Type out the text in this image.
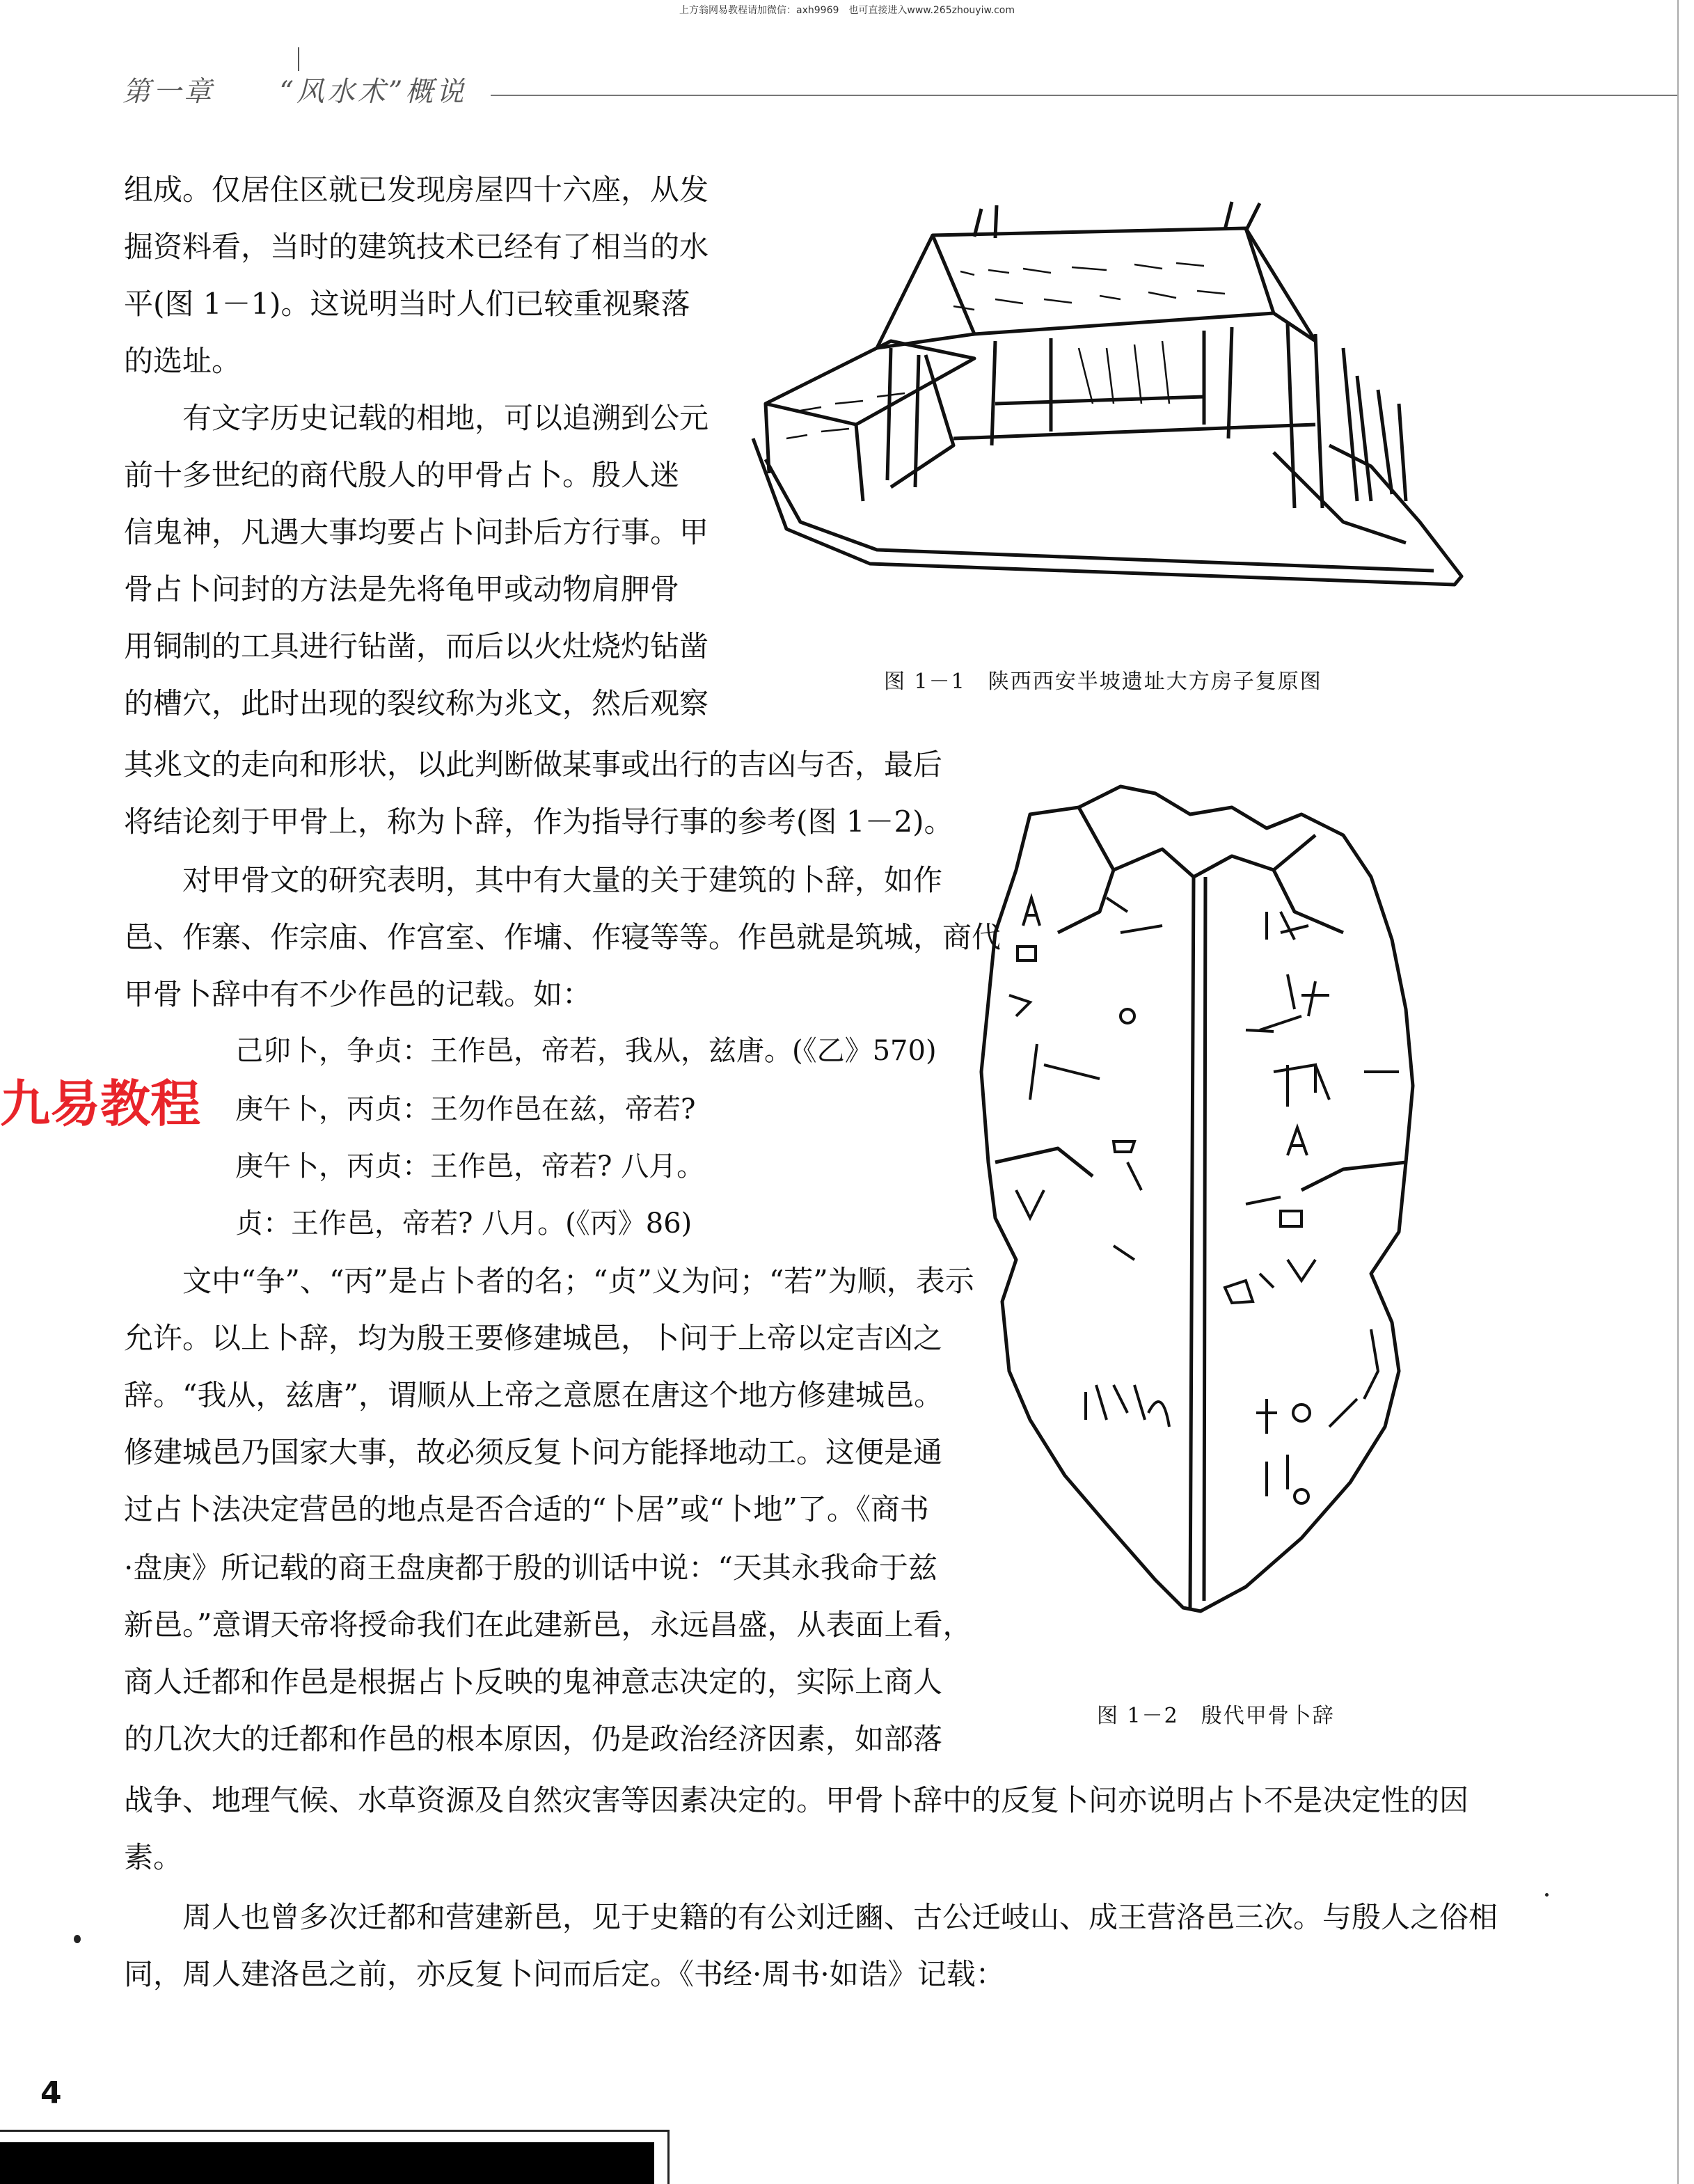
上方翁网易教程请加微信：axh9969　也可直接进入www.265zhouyiw.com
第一章 “风水术”概说
组成。仅居住区就已发现房屋四十六座，从发
掘资料看，当时的建筑技术已经有了相当的水
平(图 1－1)。这说明当时人们已较重视聚落
的选址。
　有文字历史记载的相地，可以追溯到公元
前十多世纪的商代殷人的甲骨占卜。殷人迷
信鬼神，凡遇大事均要占卜问卦后方行事。甲
骨占卜问封的方法是先将龟甲或动物肩胛骨
用铜制的工具进行钻凿，而后以火灶烧灼钻凿
的槽穴，此时出现的裂纹称为兆文，然后观察
其兆文的走向和形状，以此判断做某事或出行的吉凶与否，最后
将结论刻于甲骨上，称为卜辞，作为指导行事的参考(图 1－2)。
　对甲骨文的研究表明，其中有大量的关于建筑的卜辞，如作
邑、作寨、作宗庙、作宫室、作墉、作寝等等。作邑就是筑城，商代
甲骨卜辞中有不少作邑的记载。如：
己卯卜，争贞：王作邑，帝若，我从，兹唐。(《乙》570)
庚午卜，丙贞：王勿作邑在兹，帝若?
庚午卜，丙贞：王作邑，帝若? 八月。
贞：王作邑，帝若? 八月。(《丙》86)
　文中“争”、“丙”是占卜者的名；“贞”义为问；“若”为顺，表示
允许。以上卜辞，均为殷王要修建城邑，卜问于上帝以定吉凶之
辞。“我从，兹唐”，谓顺从上帝之意愿在唐这个地方修建城邑。
修建城邑乃国家大事，故必须反复卜问方能择地动工。这便是通
过占卜法决定营邑的地点是否合适的“卜居”或“卜地”了。《商书
·盘庚》所记载的商王盘庚都于殷的训话中说：“天其永我命于兹
新邑。”意谓天帝将授命我们在此建新邑，永远昌盛，从表面上看，
商人迁都和作邑是根据占卜反映的鬼神意志决定的，实际上商人
的几次大的迁都和作邑的根本原因，仍是政治经济因素，如部落
战争、地理气候、水草资源及自然灾害等因素决定的。甲骨卜辞中的反复卜问亦说明占卜不是决定性的因
素。
　周人也曾多次迁都和营建新邑，见于史籍的有公刘迁豳、古公迁岐山、成王营洛邑三次。与殷人之俗相
同，周人建洛邑之前，亦反复卜问而后定。《书经·周书·如诰》记载：
图 1－1　陕西西安半坡遗址大方房子复原图
图 1－2　殷代甲骨卜辞
九易教程
4
